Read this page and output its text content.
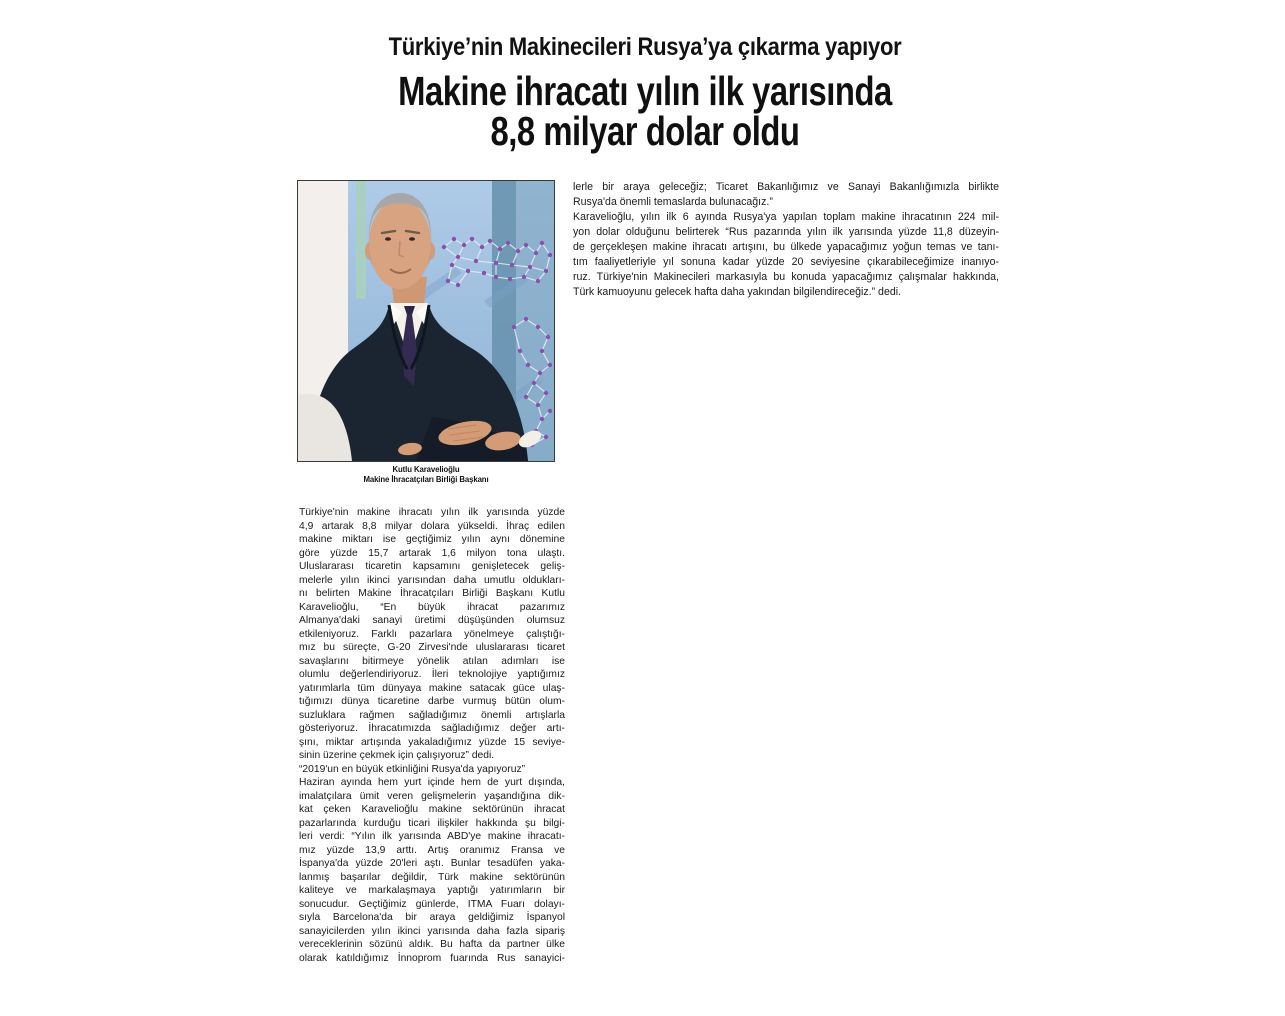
Türkiye’nin Makinecileri Rusya’ya çıkarma yapıyor
Makine ihracatı yılın ilk yarısında
8,8 milyar dolar oldu
Kutlu Karavelioğlu
Makine İhracatçıları Birliği Başkanı
Türkiye'nin makine ihracatı yılın ilk yarısında yüzde
4,9 artarak 8,8 milyar dolara yükseldi. İhraç edilen
makine miktarı ise geçtiğimiz yılın aynı dönemine
göre yüzde 15,7 artarak 1,6 milyon tona ulaştı.
Uluslararası ticaretin kapsamını genişletecek geliş-
melerle yılın ikinci yarısından daha umutlu oldukları-
nı belirten Makine İhracatçıları Birliği Başkanı Kutlu
Karavelioğlu, “En büyük ihracat pazarımız
Almanya'daki sanayi üretimi düşüşünden olumsuz
etkileniyoruz. Farklı pazarlara yönelmeye çalıştığı-
mız bu süreçte, G-20 Zirvesi'nde uluslararası ticaret
savaşlarını bitirmeye yönelik atılan adımları ise
olumlu değerlendiriyoruz. İleri teknolojiye yaptığımız
yatırımlarla tüm dünyaya makine satacak güce ulaş-
tığımızı dünya ticaretine darbe vurmuş bütün olum-
suzluklara rağmen sağladığımız önemli artışlarla
gösteriyoruz. İhracatımızda sağladığımız değer artı-
şını, miktar artışında yakaladığımız yüzde 15 seviye-
sinin üzerine çekmek için çalışıyoruz” dedi.
“2019'un en büyük etkinliğini Rusya'da yapıyoruz”
Haziran ayında hem yurt içinde hem de yurt dışında,
imalatçılara ümit veren gelişmelerin yaşandığına dik-
kat çeken Karavelioğlu makine sektörünün ihracat
pazarlarında kurduğu ticari ilişkiler hakkında şu bilgi-
leri verdi: “Yılın ilk yarısında ABD'ye makine ihracatı-
mız yüzde 13,9 arttı. Artış oranımız Fransa ve
İspanya'da yüzde 20'leri aştı. Bunlar tesadüfen yaka-
lanmış başarılar değildir, Türk makine sektörünün
kaliteye ve markalaşmaya yaptığı yatırımların bir
sonucudur. Geçtiğimiz günlerde, ITMA Fuarı dolayı-
sıyla Barcelona'da bir araya geldiğimiz İspanyol
sanayicilerden yılın ikinci yarısında daha fazla sipariş
vereceklerinin sözünü aldık. Bu hafta da partner ülke
olarak katıldığımız İnnoprom fuarında Rus sanayici-
lerle bir araya geleceğiz; Ticaret Bakanlığımız ve Sanayi Bakanlığımızla birlikte
Rusya'da önemli temaslarda bulunacağız.”
Karavelioğlu, yılın ilk 6 ayında Rusya'ya yapılan toplam makine ihracatının 224 mil-
yon dolar olduğunu belirterek “Rus pazarında yılın ilk yarısında yüzde 11,8 düzeyin-
de gerçekleşen makine ihracatı artışını, bu ülkede yapacağımız yoğun temas ve tanı-
tım faaliyetleriyle yıl sonuna kadar yüzde 20 seviyesine çıkarabileceğimize inanıyo-
ruz. Türkiye'nin Makinecileri markasıyla bu konuda yapacağımız çalışmalar hakkında,
Türk kamuoyunu gelecek hafta daha yakından bilgilendireceğiz.” dedi.
